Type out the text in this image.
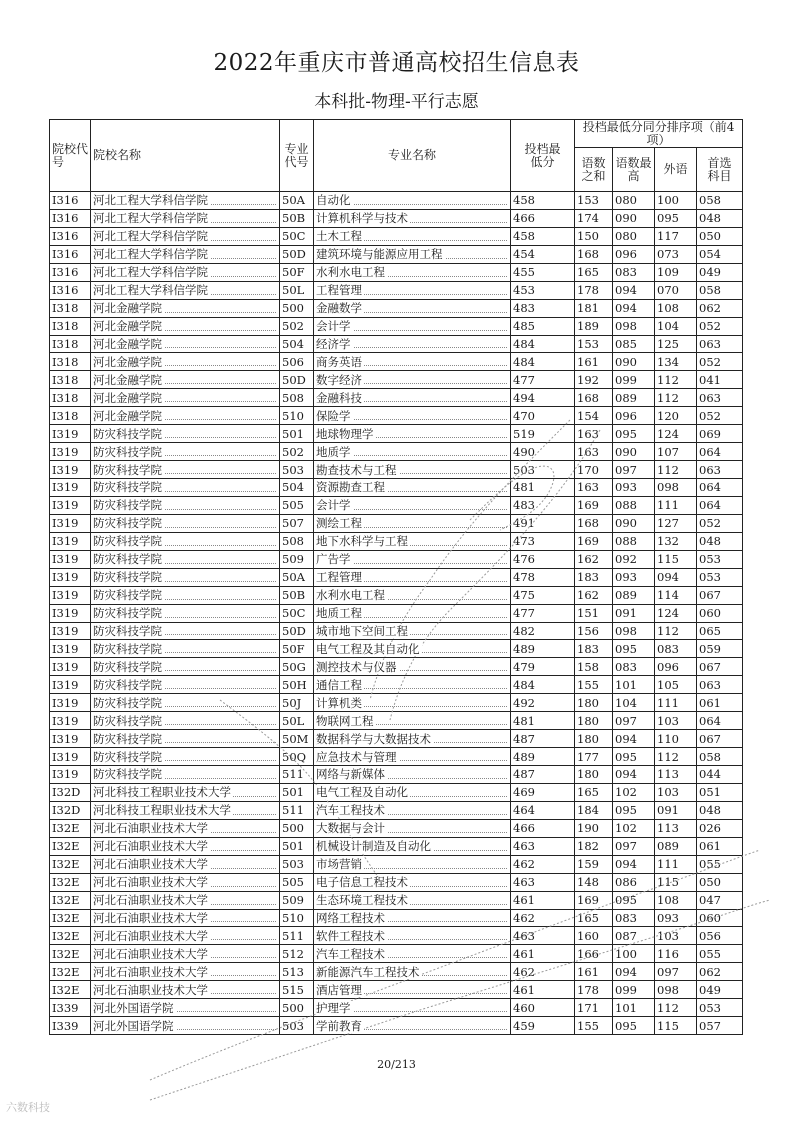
2022年重庆市普通高校招生信息表
本科批-物理-平行志愿
院校代号	院校名称	专业代号	专业名称	投档最低分	投档最低分同分排序项（前4项）			
					语数之和	语数最高	外语	首选科目
I316	河北工程大学科信学院	50A	自动化	458	153	080	100	058
I316	河北工程大学科信学院	50B	计算机科学与技术	466	174	090	095	048
I316	河北工程大学科信学院	50C	土木工程	458	150	080	117	050
I316	河北工程大学科信学院	50D	建筑环境与能源应用工程	454	168	096	073	054
I316	河北工程大学科信学院	50F	水利水电工程	455	165	083	109	049
I316	河北工程大学科信学院	50L	工程管理	453	178	094	070	058
I318	河北金融学院	500	金融数学	483	181	094	108	062
I318	河北金融学院	502	会计学	485	189	098	104	052
I318	河北金融学院	504	经济学	484	153	085	125	063
I318	河北金融学院	506	商务英语	484	161	090	134	052
I318	河北金融学院	50D	数字经济	477	192	099	112	041
I318	河北金融学院	508	金融科技	494	168	089	112	063
I318	河北金融学院	510	保险学	470	154	096	120	052
I319	防灾科技学院	501	地球物理学	519	163	095	124	069
I319	防灾科技学院	502	地质学	490	163	090	107	064
I319	防灾科技学院	503	勘查技术与工程	503	170	097	112	063
I319	防灾科技学院	504	资源勘查工程	481	163	093	098	064
I319	防灾科技学院	505	会计学	483	169	088	111	064
I319	防灾科技学院	507	测绘工程	491	168	090	127	052
I319	防灾科技学院	508	地下水科学与工程	473	169	088	132	048
I319	防灾科技学院	509	广告学	476	162	092	115	053
I319	防灾科技学院	50A	工程管理	478	183	093	094	053
I319	防灾科技学院	50B	水利水电工程	475	162	089	114	067
I319	防灾科技学院	50C	地质工程	477	151	091	124	060
I319	防灾科技学院	50D	城市地下空间工程	482	156	098	112	065
I319	防灾科技学院	50F	电气工程及其自动化	489	183	095	083	059
I319	防灾科技学院	50G	测控技术与仪器	479	158	083	096	067
I319	防灾科技学院	50H	通信工程	484	155	101	105	063
I319	防灾科技学院	50J	计算机类	492	180	104	111	061
I319	防灾科技学院	50L	物联网工程	481	180	097	103	064
I319	防灾科技学院	50M	数据科学与大数据技术	487	180	094	110	067
I319	防灾科技学院	50Q	应急技术与管理	489	177	095	112	058
I319	防灾科技学院	511	网络与新媒体	487	180	094	113	044
I32D	河北科技工程职业技术大学	501	电气工程及自动化	469	165	102	103	051
I32D	河北科技工程职业技术大学	511	汽车工程技术	464	184	095	091	048
I32E	河北石油职业技术大学	500	大数据与会计	466	190	102	113	026
I32E	河北石油职业技术大学	501	机械设计制造及自动化	463	182	097	089	061
I32E	河北石油职业技术大学	503	市场营销	462	159	094	111	055
I32E	河北石油职业技术大学	505	电子信息工程技术	463	148	086	115	050
I32E	河北石油职业技术大学	509	生态环境工程技术	461	169	095	108	047
I32E	河北石油职业技术大学	510	网络工程技术	462	165	083	093	060
I32E	河北石油职业技术大学	511	软件工程技术	463	160	087	103	056
I32E	河北石油职业技术大学	512	汽车工程技术	461	166	100	116	055
I32E	河北石油职业技术大学	513	新能源汽车工程技术	462	161	094	097	062
I32E	河北石油职业技术大学	515	酒店管理	461	178	099	098	049
I339	河北外国语学院	500	护理学	460	171	101	112	053
I339	河北外国语学院	503	学前教育	459	155	095	115	057
20/213
六数科技
